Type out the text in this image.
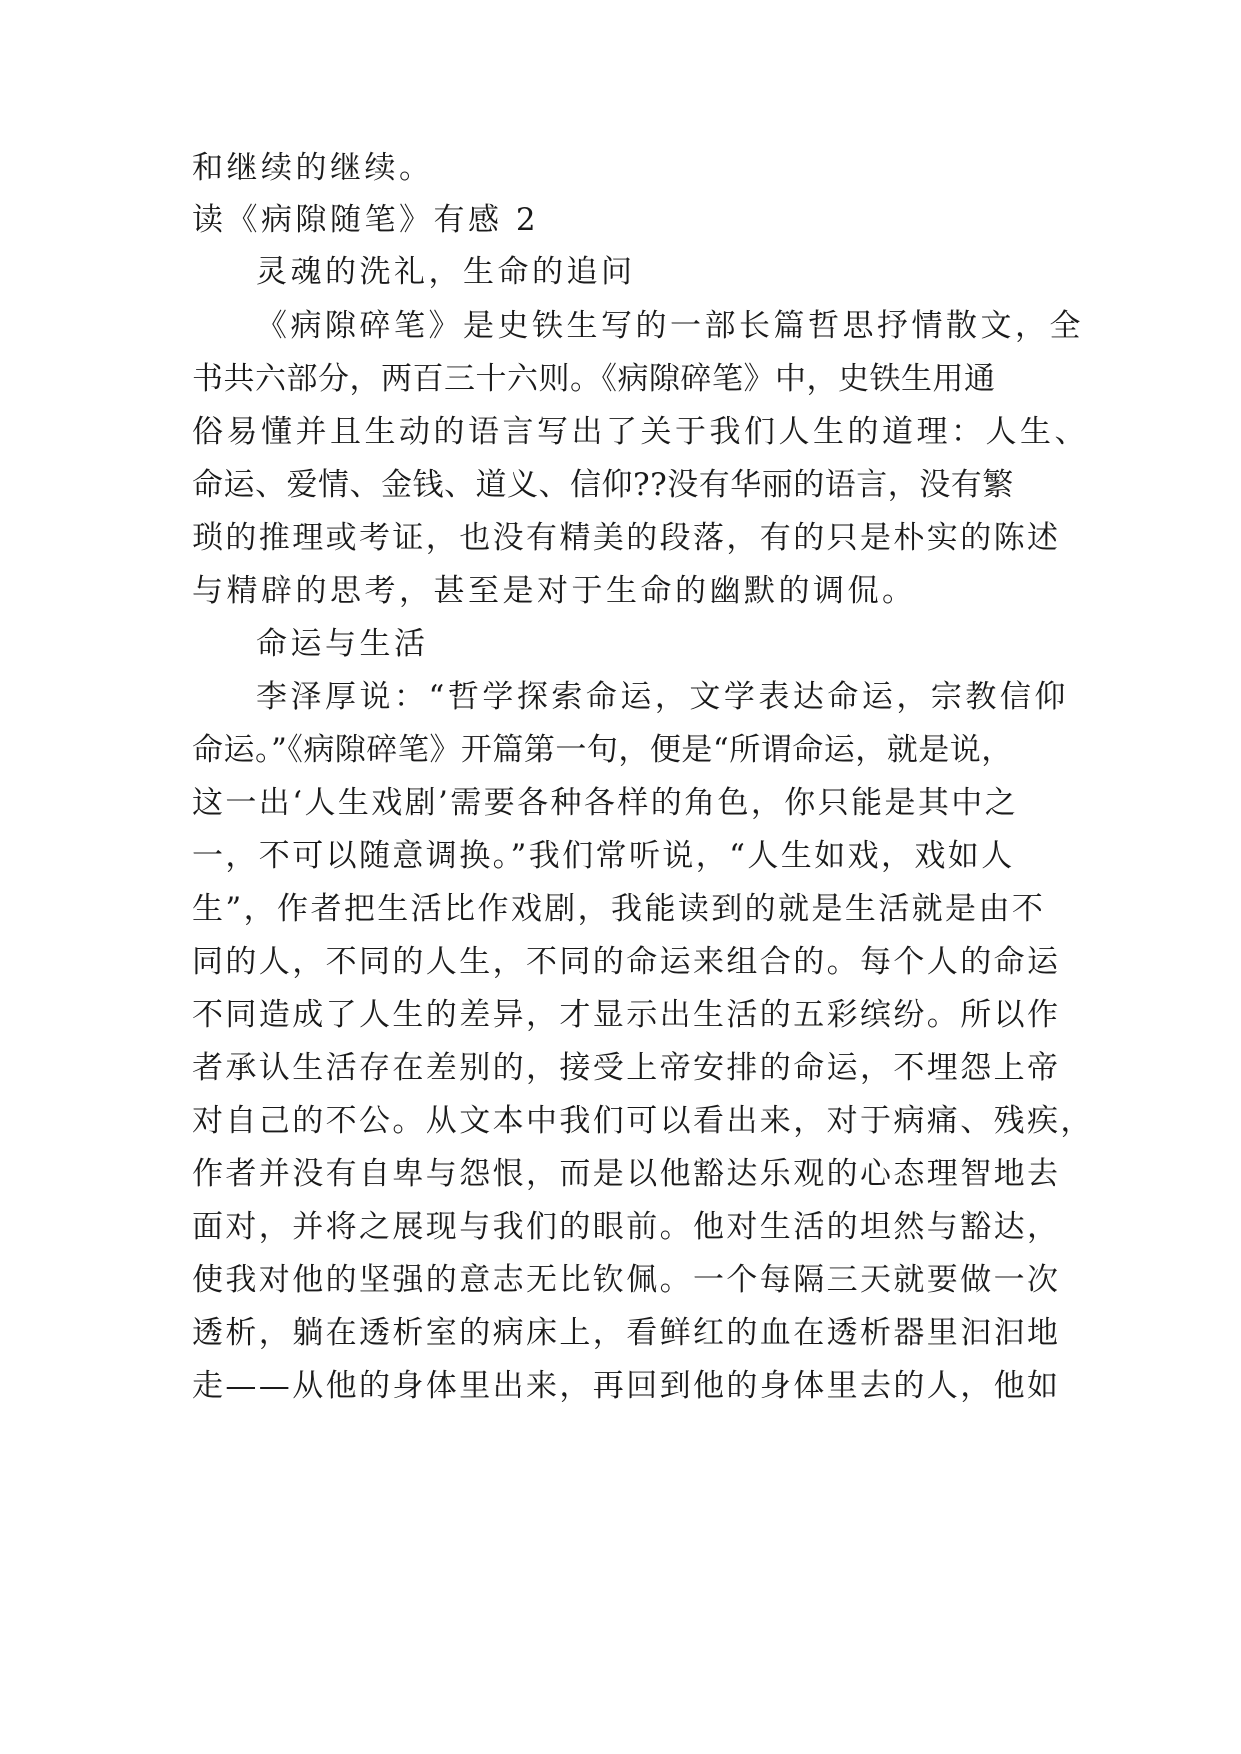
和继续的继续。
读《病隙随笔》有感 2
灵魂的洗礼，生命的追问
《病隙碎笔》是史铁生写的一部长篇哲思抒情散文，全
书共六部分，两百三十六则。《病隙碎笔》中，史铁生用通
俗易懂并且生动的语言写出了关于我们人生的道理：人生、
命运、爱情、金钱、道义、信仰??没有华丽的语言，没有繁
琐的推理或考证，也没有精美的段落，有的只是朴实的陈述
与精辟的思考，甚至是对于生命的幽默的调侃。
命运与生活
李泽厚说：“哲学探索命运，文学表达命运，宗教信仰
命运。”《病隙碎笔》开篇第一句，便是“所谓命运，就是说，
这一出‘人生戏剧’需要各种各样的角色，你只能是其中之
一，不可以随意调换。”我们常听说，“人生如戏，戏如人
生”，作者把生活比作戏剧，我能读到的就是生活就是由不
同的人，不同的人生，不同的命运来组合的。每个人的命运
不同造成了人生的差异，才显示出生活的五彩缤纷。所以作
者承认生活存在差别的，接受上帝安排的命运，不埋怨上帝
对自己的不公。从文本中我们可以看出来，对于病痛、残疾，
作者并没有自卑与怨恨，而是以他豁达乐观的心态理智地去
面对，并将之展现与我们的眼前。他对生活的坦然与豁达，
使我对他的坚强的意志无比钦佩。一个每隔三天就要做一次
透析，躺在透析室的病床上，看鲜红的血在透析器里汩汩地
走——从他的身体里出来，再回到他的身体里去的人，他如
